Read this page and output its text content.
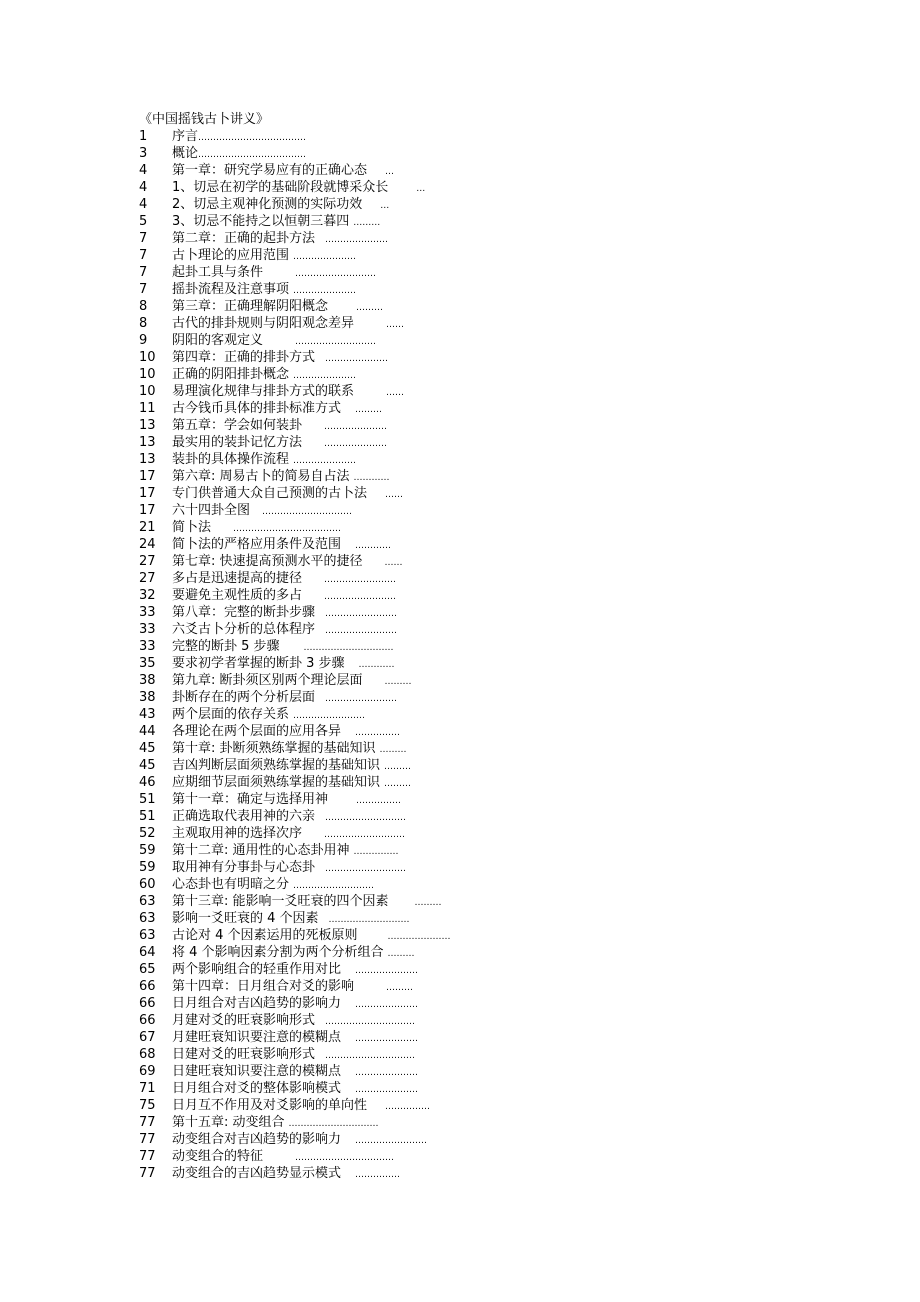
《中国摇钱古卜讲义》
1	序言 ………………………………
3	概论 ………………………………
4	第一章：研究学易应有的正确心态 …
4	1、切忌在初学的基础阶段就博采众长	…
4	2、切忌主观神化预测的实际功效 …
5	3、切忌不能持之以恒朝三暮四 ………
7	第二章：正确的起卦方法 …………………
7	古卜理论的应用范围 …………………
7	起卦工具与条件	………………………
7	摇卦流程及注意事项 …………………
8	第三章：正确理解阴阳概念	………
8	古代的排卦规则与阴阳观念差异	……
9	阴阳的客观定义	………………………
10	第四章：正确的排卦方式 …………………
10	正确的阴阳排卦概念 …………………
10	易理演化规律与排卦方式的联系	……
11	古今钱币具体的排卦标准方式 ………
13	第五章：学会如何装卦 …………………
13	最实用的装卦记忆方法 …………………
13	装卦的具体操作流程 …………………
17	第六章: 周易古卜的简易自占法 …………
17	专门供普通大众自己预测的古卜法 ……
17	六十四卦全图 …………………………
21	简卜法 ………………………………
24	简卜法的严格应用条件及范围 …………
27	第七章: 快速提高预测水平的捷径 ……
27	多占是迅速提高的捷径 ……………………
32	要避免主观性质的多占 ……………………
33	第八章：完整的断卦步骤 ……………………
33	六爻古卜分析的总体程序 ……………………
33	完整的断卦 5 步骤	…………………………
35	要求初学者掌握的断卦 3 步骤 …………
38	第九章: 断卦须区别两个理论层面 ………
38	卦断存在的两个分析层面 ……………………
43	两个层面的依存关系 ……………………
44	各理论在两个层面的应用各异 ……………
45	第十章: 卦断须熟练掌握的基础知识 ………
45	吉凶判断层面须熟练掌握的基础知识 ………
46	应期细节层面须熟练掌握的基础知识 ………
51	第十一章：确定与选择用神	……………
51	正确选取代表用神的六亲 ………………………
52	主观取用神的选择次序 ………………………
59	第十二章: 通用性的心态卦用神 ……………
59	取用神有分事卦与心态卦 ………………………
60	心态卦也有明暗之分 ………………………
63	第十三章: 能影响一爻旺衰的四个因素	………
63	影响一爻旺衰的 4 个因素 ………………………
63	古论对 4 个因素运用的死板原则	…………………
64	将 4 个影响因素分割为两个分析组合 ………
65	两个影响组合的轻重作用对比 …………………
66	第十四章：日月组合对爻的影响	………
66	日月组合对吉凶趋势的影响力 …………………
66	月建对爻的旺衰影响形式 …………………………
67	月建旺衰知识要注意的模糊点 …………………
68	日建对爻的旺衰影响形式 …………………………
69	日建旺衰知识要注意的模糊点 …………………
71	日月组合对爻的整体影响模式 …………………
75	日月互不作用及对爻影响的单向性 ……………
77	第十五章: 动变组合 …………………………
77	动变组合对吉凶趋势的影响力 ……………………
77	动变组合的特征	……………………………
77	动变组合的吉凶趋势显示模式 ……………
